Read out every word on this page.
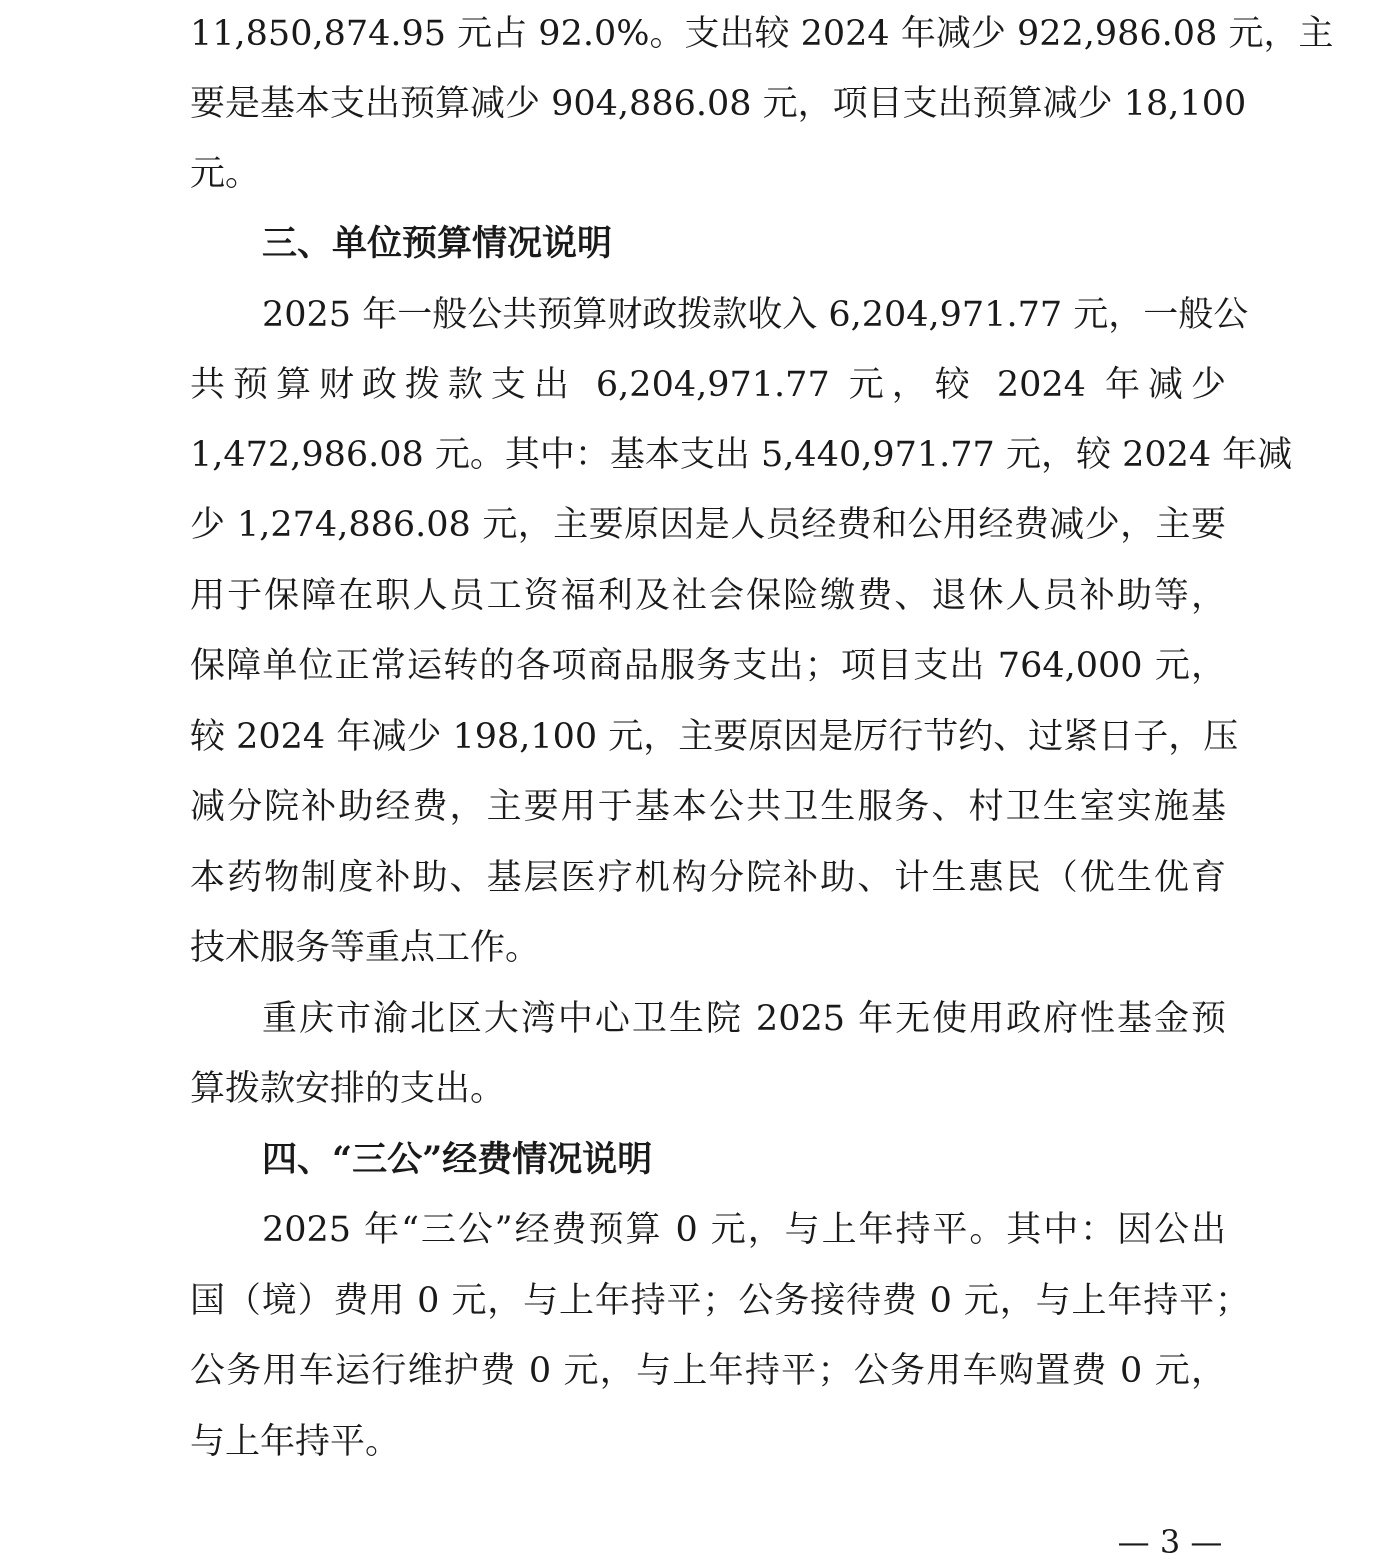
11,850,874.95 元占 92.0%。支出较 2024 年减少 922,986.08 元，主
要是基本支出预算减少 904,886.08 元，项目支出预算减少 18,100
元。
三、单位预算情况说明
2025 年一般公共预算财政拨款收入 6,204,971.77 元，一般公
共预算财政拨款支出 6,204,971.77 元，较 2024 年减少
1,472,986.08 元。其中：基本支出 5,440,971.77 元，较 2024 年减
少 1,274,886.08 元，主要原因是人员经费和公用经费减少，主要
用于保障在职人员工资福利及社会保险缴费、退休人员补助等，
保障单位正常运转的各项商品服务支出；项目支出 764,000 元，
较 2024 年减少 198,100 元，主要原因是厉行节约、过紧日子，压
减分院补助经费，主要用于基本公共卫生服务、村卫生室实施基
本药物制度补助、基层医疗机构分院补助、计生惠民（优生优育
技术服务等重点工作。
重庆市渝北区大湾中心卫生院 2025 年无使用政府性基金预
算拨款安排的支出。
四、“三公”经费情况说明
2025 年“三公”经费预算 0 元，与上年持平。其中：因公出
国（境）费用 0 元，与上年持平；公务接待费 0 元，与上年持平；
公务用车运行维护费 0 元，与上年持平；公务用车购置费 0 元，
与上年持平。
— 3 —
